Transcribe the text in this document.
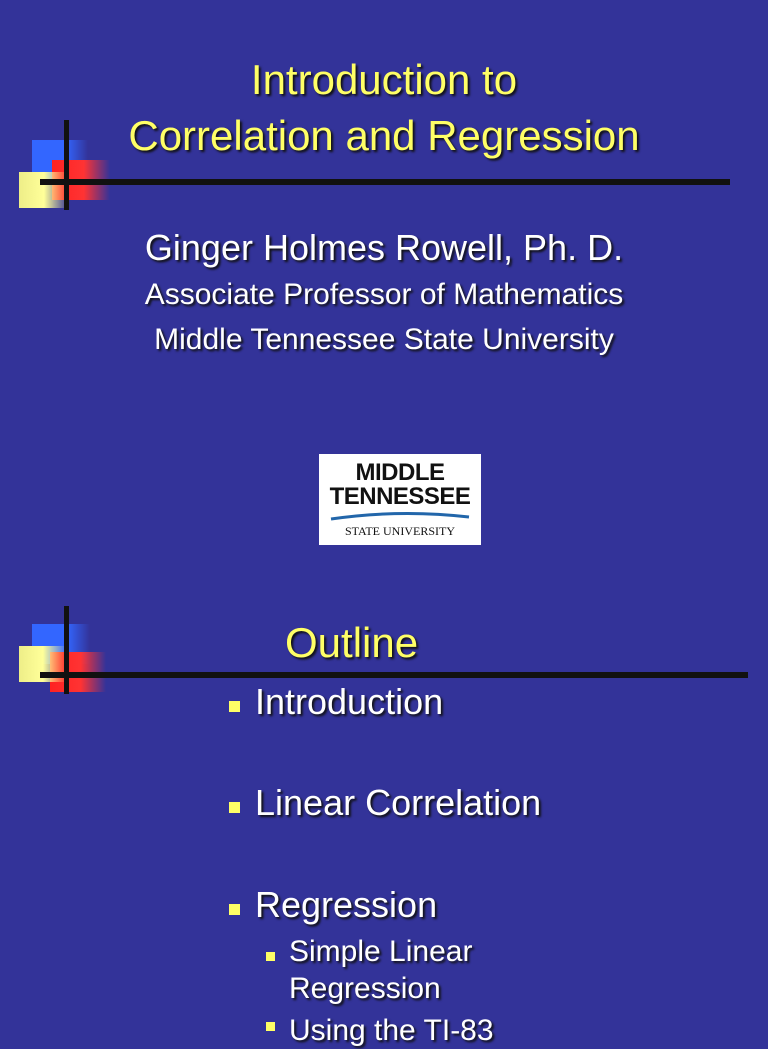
Introduction to
Correlation and Regression
Ginger Holmes Rowell, Ph. D.
Associate Professor of Mathematics
Middle Tennessee State University
MIDDLE
TENNESSEE
STATE UNIVERSITY
Outline
Introduction
Linear Correlation
Regression
Simple Linear
Regression
Using the TI-83
